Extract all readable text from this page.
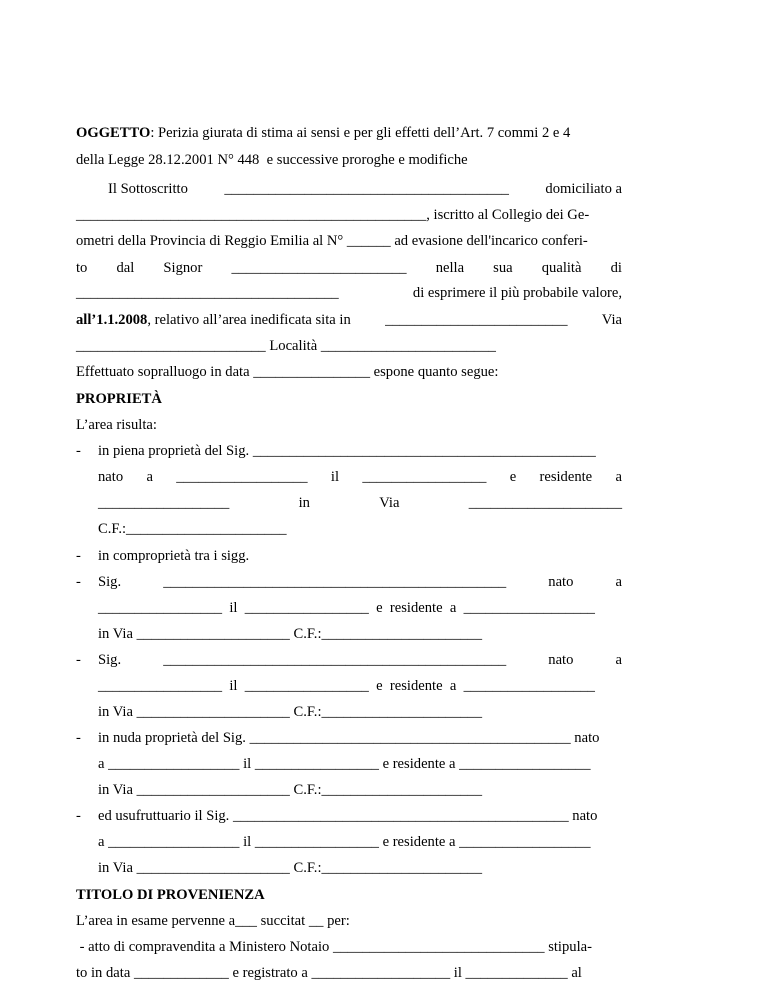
OGGETTO: Perizia giurata di stima ai sensi e per gli effetti dell’Art. 7 commi 2 e 4
della Legge 28.12.2001 N° 448  e successive proroghe e modifiche
Il Sottoscritto _______________________________________ domiciliato a
________________________________________________, iscritto al Collegio dei Ge-
ometri della Provincia di Reggio Emilia al N° ______ ad evasione dell'incarico conferi-
to dal Signor ________________________ nella sua qualità di
____________________________________	di esprimere il più probabile valore,
all’1.1.2008, relativo all’area inedificata sita in _________________________ Via
__________________________ Località ________________________
Effettuato sopralluogo in data ________________ espone quanto segue:
PROPRIETÀ
L’area risulta:
- in piena proprietà del Sig. _______________________________________________
nato a __________________ il _________________ e residente a
__________________	in	Via	_____________________
C.F.:______________________
- in comproprietà tra i sigg.
- Sig.	_______________________________________________	nato	a
_________________  il  _________________  e  residente  a  __________________
in Via _____________________ C.F.:______________________
- Sig.	_______________________________________________	nato	a
_________________  il  _________________  e  residente  a  __________________
in Via _____________________ C.F.:______________________
- in nuda proprietà del Sig. ____________________________________________ nato
a __________________ il _________________ e residente a __________________
in Via _____________________ C.F.:______________________
- ed usufruttuario il Sig. ______________________________________________ nato
a __________________ il _________________ e residente a __________________
in Via _____________________ C.F.:______________________
TITOLO DI PROVENIENZA
L’area in esame pervenne a___ succitat __ per:
- atto di compravendita a Ministero Notaio _____________________________ stipula-
to in data _____________ e registrato a ___________________ il ______________ al
